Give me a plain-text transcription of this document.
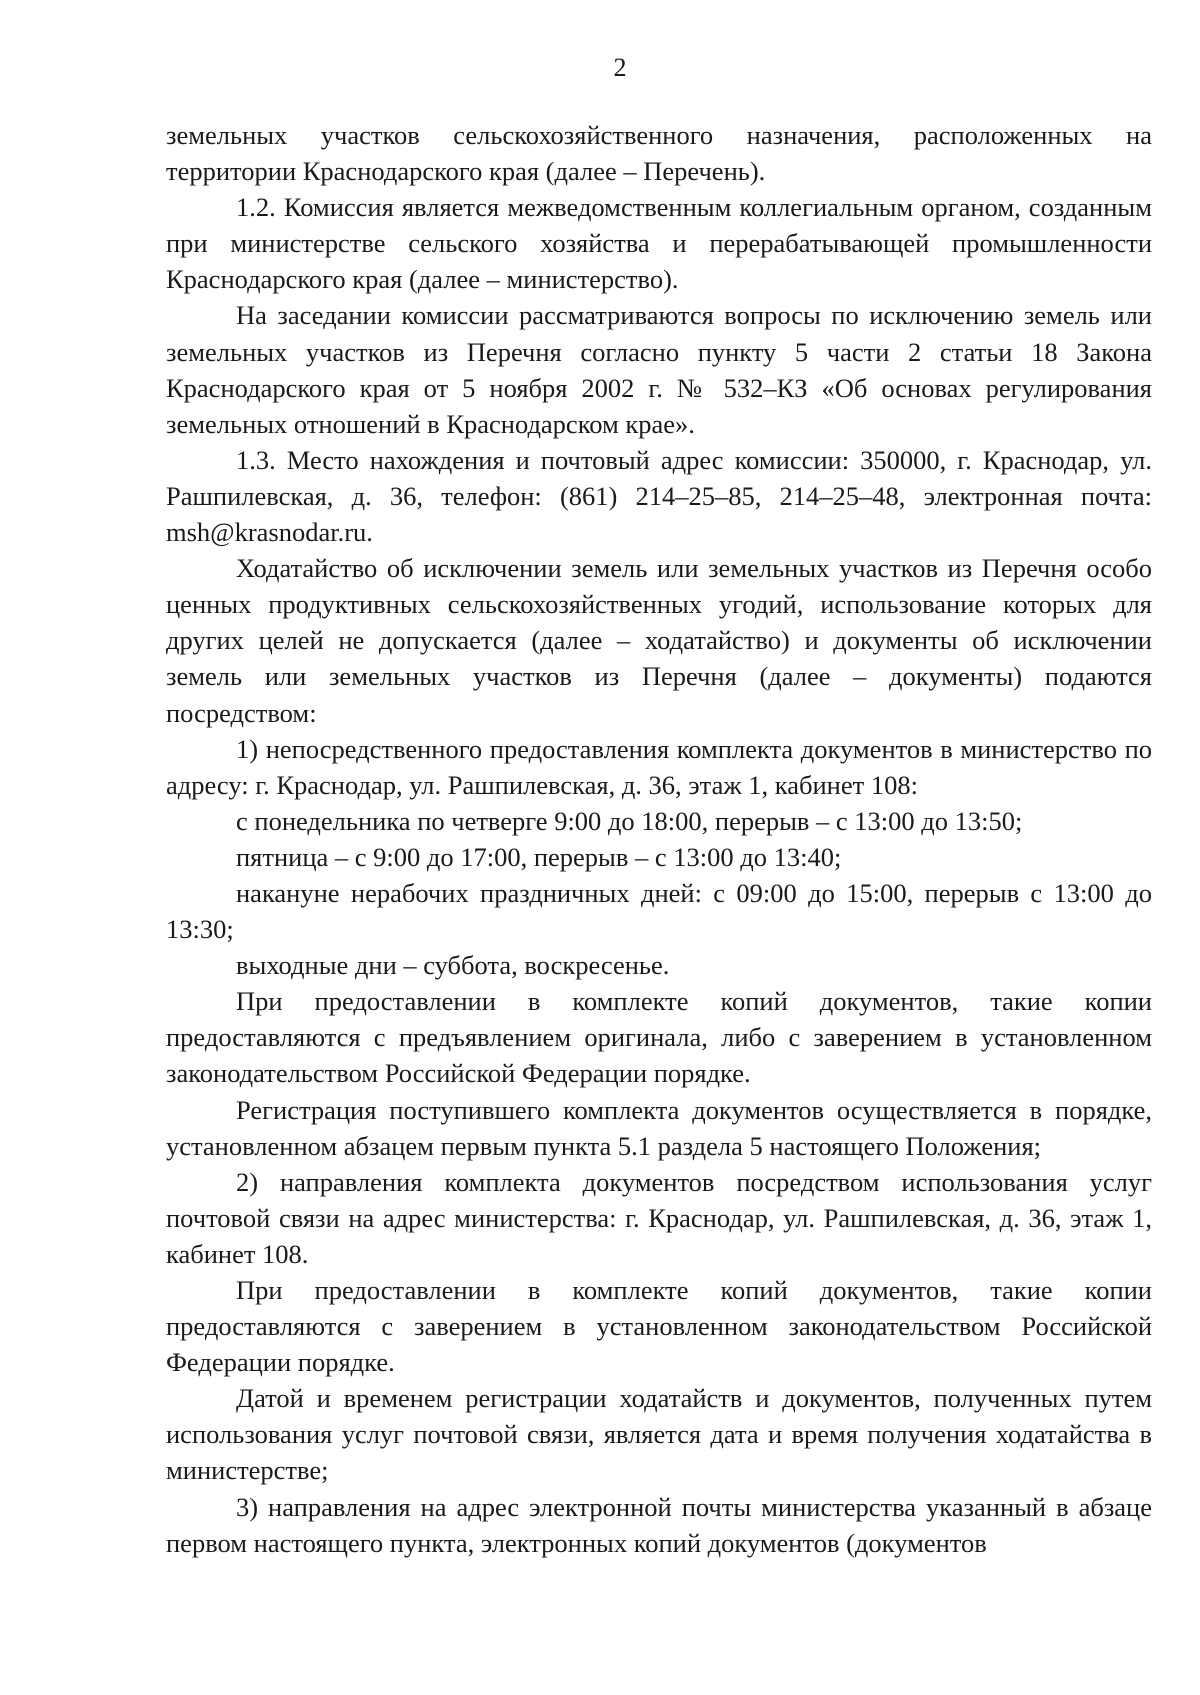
2

земельных участков сельскохозяйственного назначения, расположенных на территории Краснодарского края (далее – Перечень).

1.2. Комиссия является межведомственным коллегиальным органом, созданным при министерстве сельского хозяйства и перерабатывающей промышленности Краснодарского края (далее – министерство).

На заседании комиссии рассматриваются вопросы по исключению земель или земельных участков из Перечня согласно пункту 5 части 2 статьи 18 Закона Краснодарского края от 5 ноября 2002 г. № 532–КЗ «Об основах регулирования земельных отношений в Краснодарском крае».

1.3. Место нахождения и почтовый адрес комиссии: 350000, г. Краснодар, ул. Рашпилевская, д. 36, телефон: (861) 214–25–85, 214–25–48, электронная почта: msh@krasnodar.ru.

Ходатайство об исключении земель или земельных участков из Перечня особо ценных продуктивных сельскохозяйственных угодий, использование которых для других целей не допускается (далее – ходатайство) и документы об исключении земель или земельных участков из Перечня (далее – документы) подаются посредством:

1) непосредственного предоставления комплекта документов в министерство по адресу: г. Краснодар, ул. Рашпилевская, д. 36, этаж 1, кабинет 108:

с понедельника по четверге 9:00 до 18:00, перерыв – с 13:00 до 13:50;

пятница – с 9:00 до 17:00, перерыв – с 13:00 до 13:40;

накануне нерабочих праздничных дней: с 09:00 до 15:00, перерыв с 13:00 до 13:30;

выходные дни – суббота, воскресенье.

При предоставлении в комплекте копий документов, такие копии предоставляются с предъявлением оригинала, либо с заверением в установленном законодательством Российской Федерации порядке.

Регистрация поступившего комплекта документов осуществляется в порядке, установленном абзацем первым пункта 5.1 раздела 5 настоящего Положения;

2) направления комплекта документов посредством использования услуг почтовой связи на адрес министерства: г. Краснодар, ул. Рашпилевская, д. 36, этаж 1, кабинет 108.

При предоставлении в комплекте копий документов, такие копии предоставляются с заверением в установленном законодательством Российской Федерации порядке.

Датой и временем регистрации ходатайств и документов, полученных путем использования услуг почтовой связи, является дата и время получения ходатайства в министерстве;

3) направления на адрес электронной почты министерства указанный в абзаце первом настоящего пункта, электронных копий документов (документов
